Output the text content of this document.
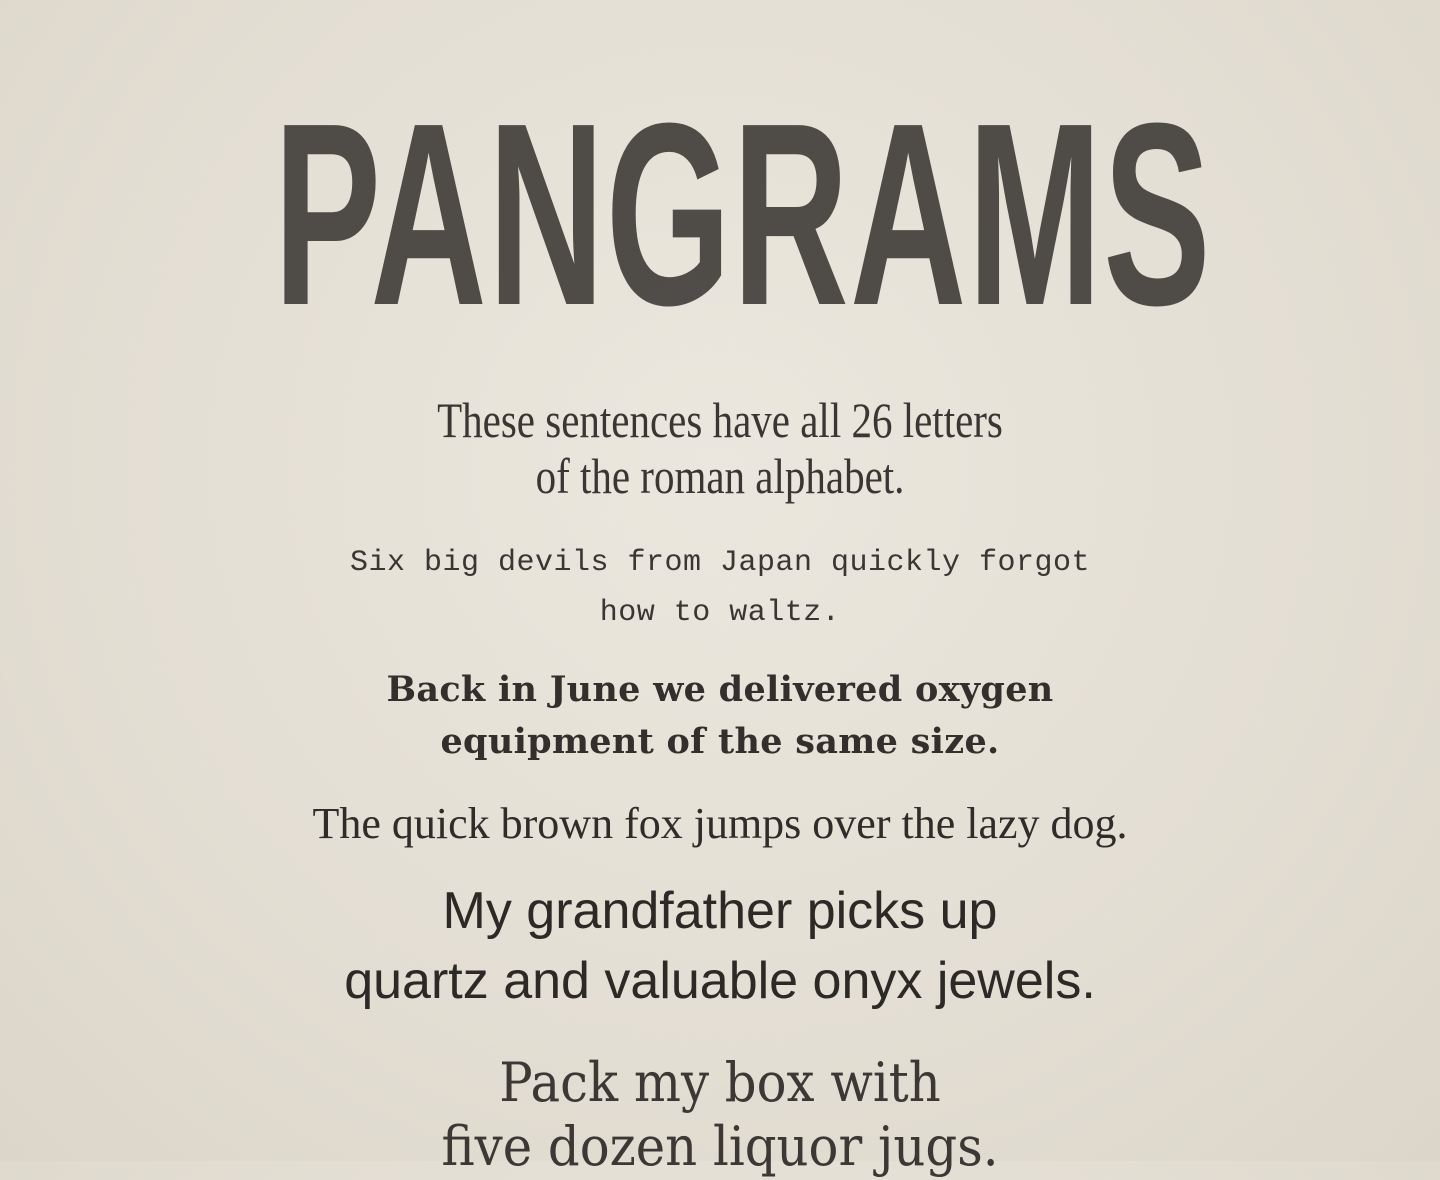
PANGRAMS

These sentences have all 26 letters

of the roman alphabet.

Six big devils from Japan quickly forgot

how to waltz.

Back in June we delivered oxygen

equipment of the same size.

The quick brown fox jumps over the lazy dog.

My grandfather picks up

quartz and valuable onyx jewels.

Pack my box with

five dozen liquor jugs.
